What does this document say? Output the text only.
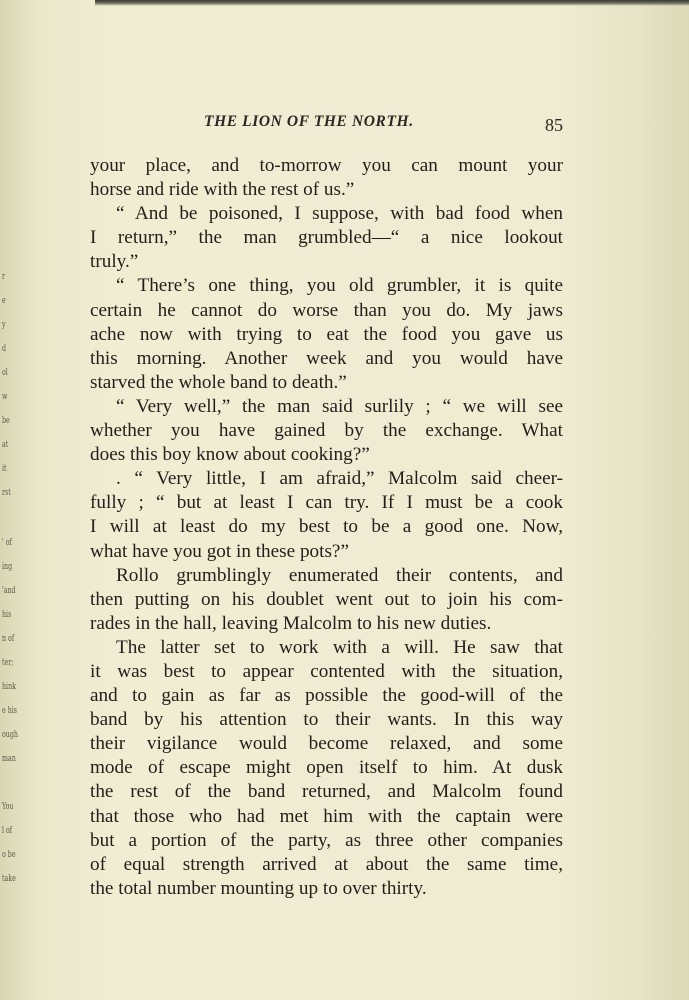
r
e
y
d
ol
w
be
at
it
rst
' of
ing
'and
his
n of
ter;
hink
e his
ough
man
You
l of
o be
take
THE LION OF THE NORTH.	85
your place, and to-morrow you can mount your
horse and ride with the rest of us.”
“ And be poisoned, I suppose, with bad food when
I return,” the man grumbled—“ a nice lookout
truly.”
“ There’s one thing, you old grumbler, it is quite
certain he cannot do worse than you do. My jaws
ache now with trying to eat the food you gave us
this morning. Another week and you would have
starved the whole band to death.”
“ Very well,” the man said surlily ; “ we will see
whether you have gained by the exchange. What
does this boy know about cooking?”
. “ Very little, I am afraid,” Malcolm said cheer-
fully ; “ but at least I can try. If I must be a cook
I will at least do my best to be a good one. Now,
what have you got in these pots?”
Rollo grumblingly enumerated their contents, and
then putting on his doublet went out to join his com-
rades in the hall, leaving Malcolm to his new duties.
The latter set to work with a will. He saw that
it was best to appear contented with the situation,
and to gain as far as possible the good-will of the
band by his attention to their wants. In this way
their vigilance would become relaxed, and some
mode of escape might open itself to him. At dusk
the rest of the band returned, and Malcolm found
that those who had met him with the captain were
but a portion of the party, as three other companies
of equal strength arrived at about the same time,
the total number mounting up to over thirty.
